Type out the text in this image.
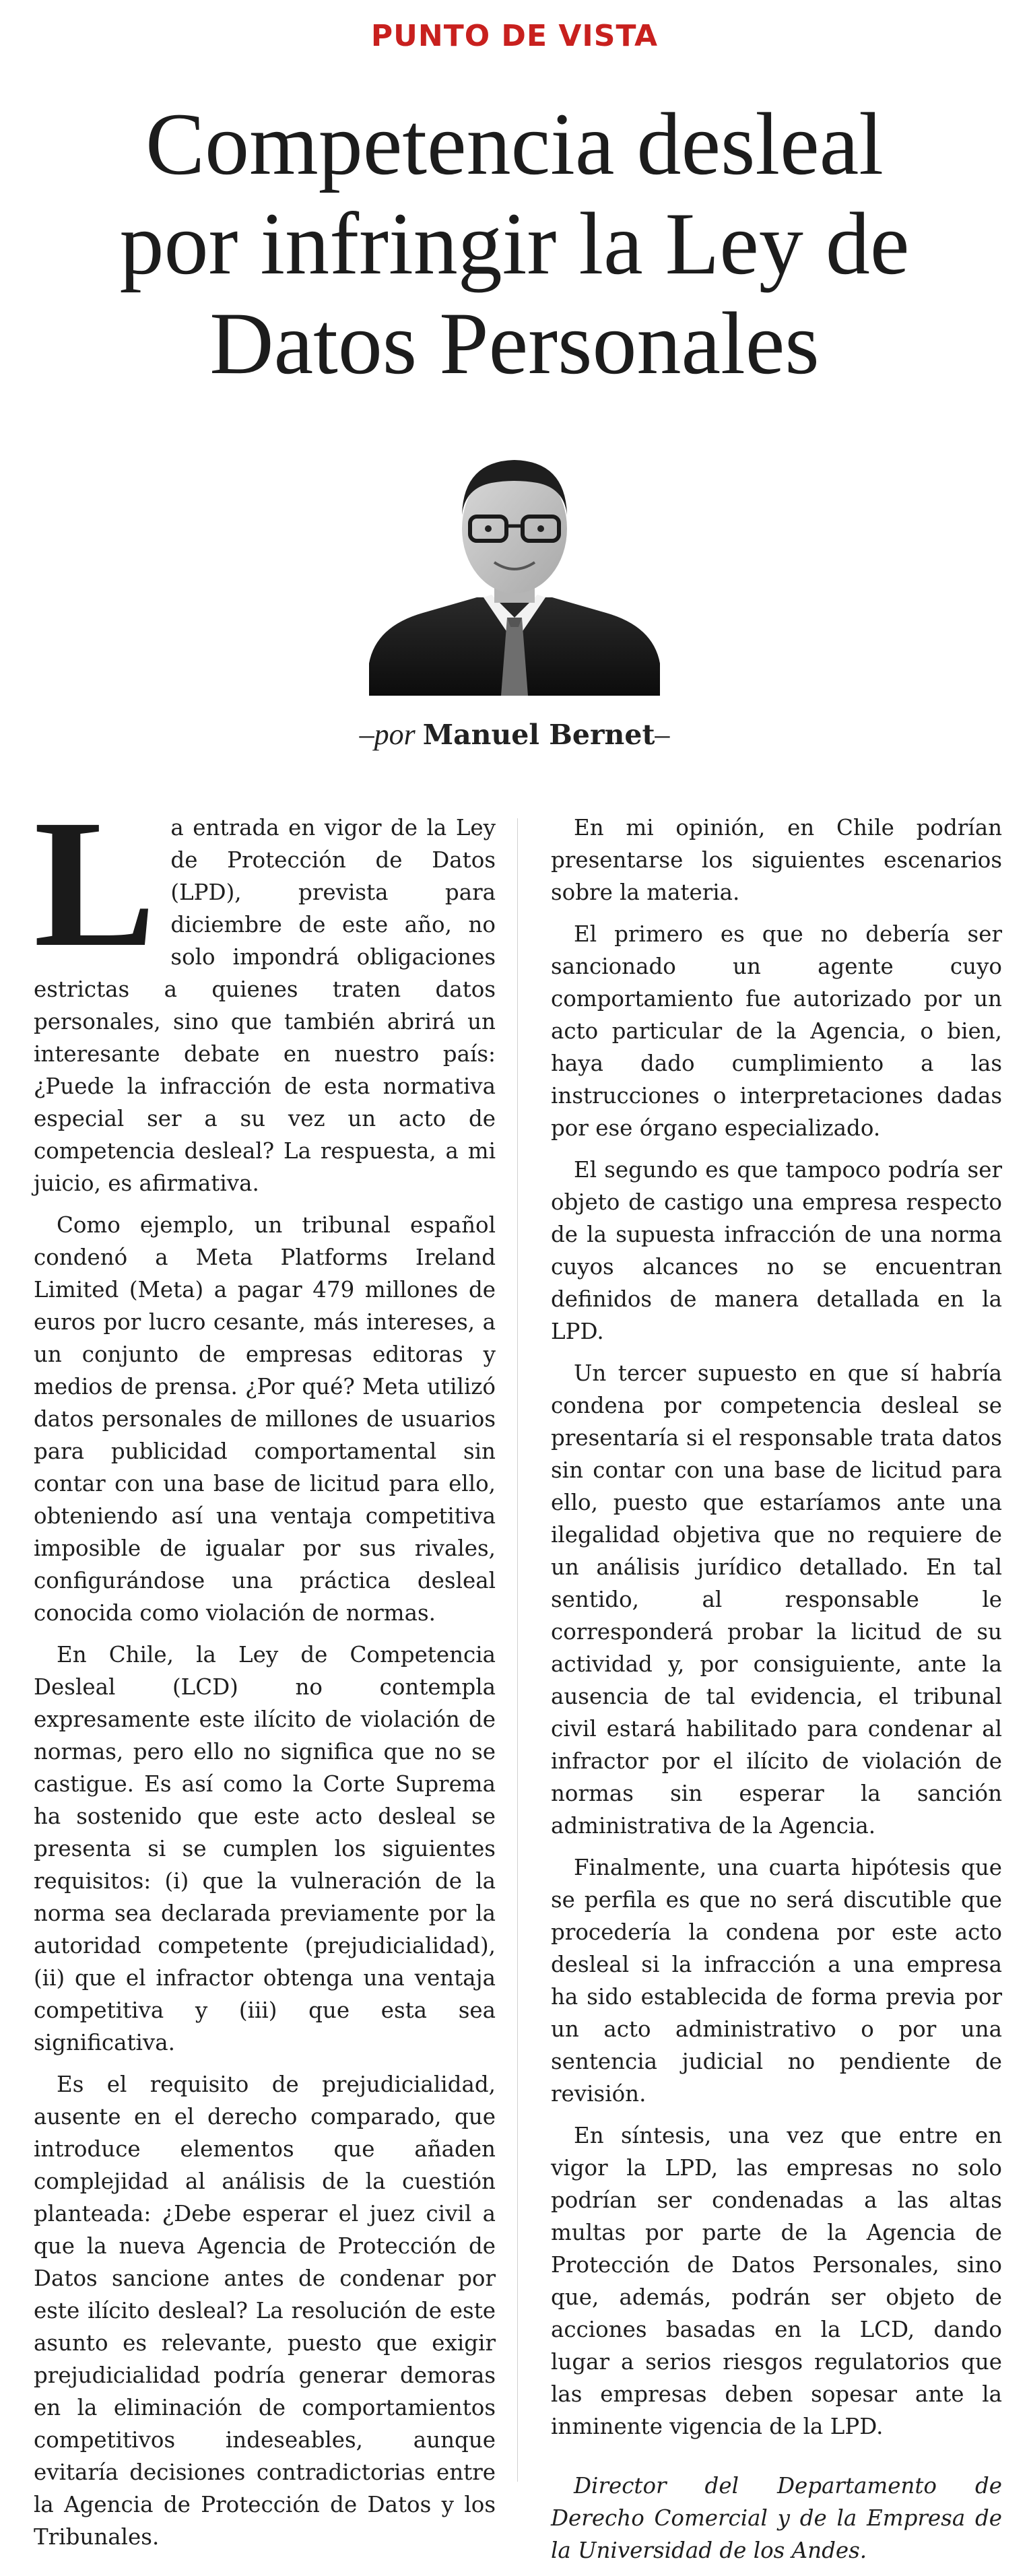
PUNTO DE VISTA
Competencia desleal
por infringir la Ley de
Datos Personales
–por Manuel Bernet–

La entrada en vigor de la Ley de Protección de Datos (LPD), prevista para diciembre de este año, no solo impondrá obligaciones estrictas a quienes traten datos personales, sino que también abrirá un interesante debate en nuestro país: ¿Puede la infracción de esta normativa especial ser a su vez un acto de competencia desleal? La respuesta, a mi juicio, es afirmativa.

Como ejemplo, un tribunal español condenó a Meta Platforms Ireland Limited (Meta) a pagar 479 millones de euros por lucro cesante, más intereses, a un conjunto de empresas editoras y medios de prensa. ¿Por qué? Meta utilizó datos personales de millones de usuarios para publicidad comportamental sin contar con una base de licitud para ello, obteniendo así una ventaja competitiva imposible de igualar por sus rivales, configurándose una práctica desleal conocida como violación de normas.

En Chile, la Ley de Competencia Desleal (LCD) no contempla expresamente este ilícito de violación de normas, pero ello no significa que no se castigue. Es así como la Corte Suprema ha sostenido que este acto desleal se presenta si se cumplen los siguientes requisitos: (i) que la vulneración de la norma sea declarada previamente por la autoridad competente (prejudicialidad), (ii) que el infractor obtenga una ventaja competitiva y (iii) que esta sea significativa.

Es el requisito de prejudicialidad, ausente en el derecho comparado, que introduce elementos que añaden complejidad al análisis de la cuestión planteada: ¿Debe esperar el juez civil a que la nueva Agencia de Protección de Datos sancione antes de condenar por este ilícito desleal? La resolución de este asunto es relevante, puesto que exigir prejudicialidad podría generar demoras en la eliminación de comportamientos competitivos indeseables, aunque evitaría decisiones contradictorias entre la Agencia de Protección de Datos y los Tribunales.

En mi opinión, en Chile podrían presentarse los siguientes escenarios sobre la materia.

El primero es que no debería ser sancionado un agente cuyo comportamiento fue autorizado por un acto particular de la Agencia, o bien, haya dado cumplimiento a las instrucciones o interpretaciones dadas por ese órgano especializado.

El segundo es que tampoco podría ser objeto de castigo una empresa respecto de la supuesta infracción de una norma cuyos alcances no se encuentran definidos de manera detallada en la LPD.

Un tercer supuesto en que sí habría condena por competencia desleal se presentaría si el responsable trata datos sin contar con una base de licitud para ello, puesto que estaríamos ante una ilegalidad objetiva que no requiere de un análisis jurídico detallado. En tal sentido, al responsable le corresponderá probar la licitud de su actividad y, por consiguiente, ante la ausencia de tal evidencia, el tribunal civil estará habilitado para condenar al infractor por el ilícito de violación de normas sin esperar la sanción administrativa de la Agencia.

Finalmente, una cuarta hipótesis que se perfila es que no será discutible que procedería la condena por este acto desleal si la infracción a una empresa ha sido establecida de forma previa por un acto administrativo o por una sentencia judicial no pendiente de revisión.

En síntesis, una vez que entre en vigor la LPD, las empresas no solo podrían ser condenadas a las altas multas por parte de la Agencia de Protección de Datos Personales, sino que, además, podrán ser objeto de acciones basadas en la LCD, dando lugar a serios riesgos regulatorios que las empresas deben sopesar ante la inminente vigencia de la LPD.

Director del Departamento de Derecho Comercial y de la Empresa de la Universidad de los Andes.
